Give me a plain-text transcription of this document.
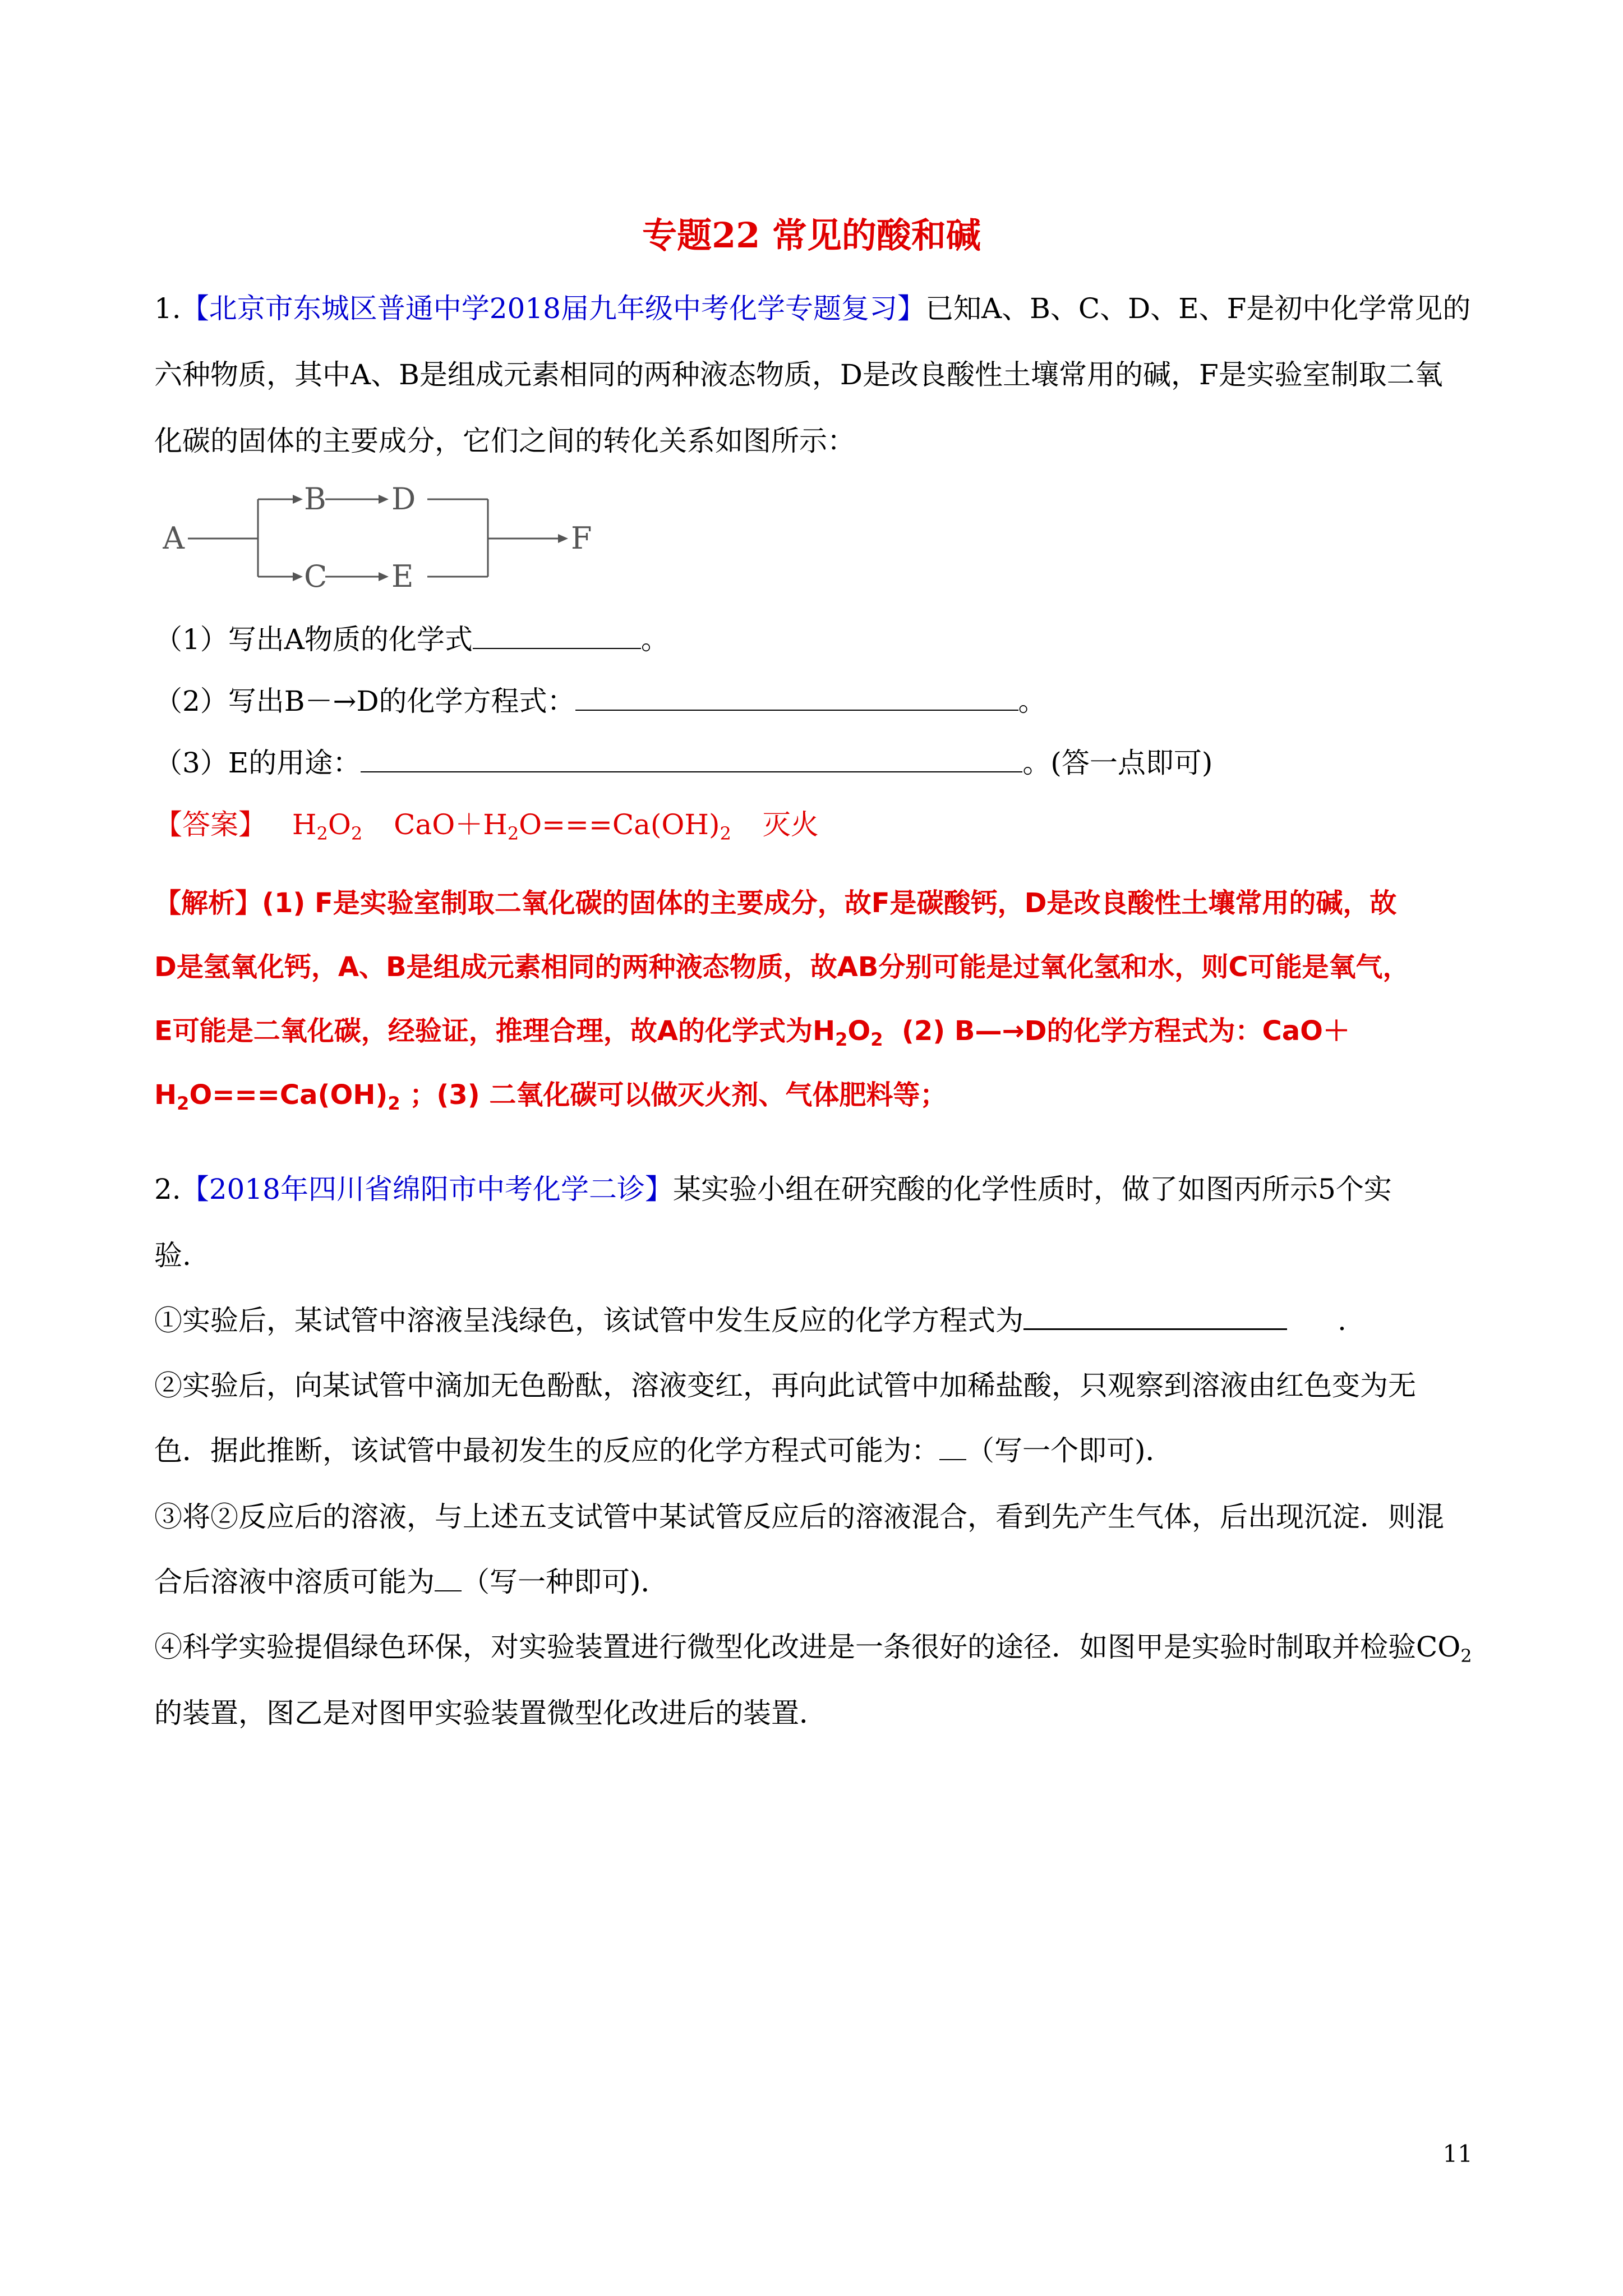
专题22 常见的酸和碱
1.【北京市东城区普通中学2018届九年级中考化学专题复习】已知A、B、C、D、E、F是初中化学常见的
六种物质，其中A、B是组成元素相同的两种液态物质，D是改良酸性土壤常用的碱，F是实验室制取二氧
化碳的固体的主要成分，它们之间的转化关系如图所示：
A
B D
C E
F
（1）写出A物质的化学式	。
（2）写出B－→D的化学方程式：	。
（3）E的用途：	。(答一点即可)
【答案】 $H_2O_2$ $CaO+H_2O===Ca(OH)_2$ 灭火
【解析】(1) F是实验室制取二氧化碳的固体的主要成分，故F是碳酸钙，D是改良酸性土壤常用的碱，故
D是氢氧化钙，A、B是组成元素相同的两种液态物质，故AB分别可能是过氧化氢和水，则C可能是氧气，
E可能是二氧化碳，经验证，推理合理，故A的化学式为$H_2O_2$  (2) B—→D的化学方程式为：CaO＋
$H_2O===Ca(OH)_2$ ；(3) 二氧化碳可以做灭火剂、气体肥料等；
2.【2018年四川省绵阳市中考化学二诊】某实验小组在研究酸的化学性质时，做了如图丙所示5个实
验.
①实验后，某试管中溶液呈浅绿色，该试管中发生反应的化学方程式为	.
②实验后，向某试管中滴加无色酚酞，溶液变红，再向此试管中加稀盐酸，只观察到溶液由红色变为无
色．据此推断，该试管中最初发生的反应的化学方程式可能为： （写一个即可)．
③将②反应后的溶液，与上述五支试管中某试管反应后的溶液混合，看到先产生气体，后出现沉淀．则混
合后溶液中溶质可能为 （写一种即可)．
④科学实验提倡绿色环保，对实验装置进行微型化改进是一条很好的途径．如图甲是实验时制取并检验$CO_2$
的装置，图乙是对图甲实验装置微型化改进后的装置．
11
